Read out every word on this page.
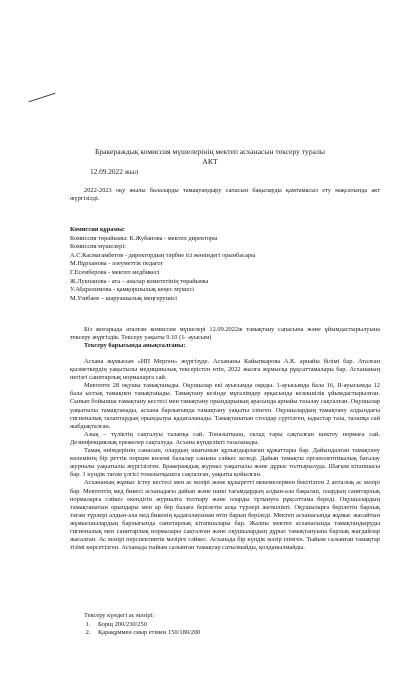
Бракераждық комиссия мүшелерінің мектеп асханасын тексеру туралы
АКТ
12.09.2022 жыл

2022-2023 оқу жылы балаларды тамақтандыру сапасын бақылауды қамтамасыз ету мақсатында акт жүргізілді.

Комиссия құрамы:
Комиссия төрайымы: К.Жубанова - мектеп директоры
Комиссия мүшелері:
А.С.Касмагамбетов - директордың тәрбие ісі жөніндегі орынбасары
М.Нұрханова - әлеуметтік педагог
Г.Есемберова - мектеп медбикесі
Ж.Лукпанова - ата – аналар комитетінің төрайымы
У.Абдрахимова - қамқоршылық кеңес мүшесі
М.Узибаев – шаруашылық меңгерушісі
Біз жоғарыда аталған комиссия мүшелері 12.09.2022ж тамақтану сапасына және ұйымдастырылуына тексеру жүргіздік. Тексеру уақыты 9.10 (1- ауысым)
Тексеру барысында анықталғаны:
Асхана жұмысын «ИП Мерген» жүргізуде. Асхананы Кайыпкарова А.К. арнайы білімі бар. Аталған қызметкердің уақытылы медициналық тексерістен өтіп, 2022 жылға жұмысқа рұқсаттамалары бар. Асхананың негізгі санитарлық нормаларға сай.
Мектепте 28 оқушы тамақтанады. Оқушылар екі ауысымда оқиды. 1-ауысымда бала 16, ІІ-ауысымда 12 бала ыстық тамақпен тамақтанады. Тамақтану кезінде мұғалімдер әрқасында кезекшілік ұйымдастырылған. Сынып бойынша тамақтану кестесі мен тамақтану орындарының арасында арнайы тазалау сақталған. Оқушылар уақытылы тамақтанады, асхана барлығында тамақтану уақыты ілінген. Оқушылардың тамақтану алдындағы гигиеналық талаптардың орындалуы қадағаланады. Тамақтанатын столдар сүртілген, ыдыстар таза, талапқа сай жабдықталған.
Азық – түліктің сақталуы талапқа сай. Тоназытқыш, склад тары сақталған шектеу нормаға сай. Дезинфекциялық ережелер сақталуда. Асхана күнделікті тазаланады.
Тамақ өнімдерінің санасын, олардың шығынын құлыпдырлаған құжаттары бар. Дайындалған тамақтану көлемінің бір реттік порция көлемі балалар санына сәйкес келеді. Дайын тамақты органолептикалық бағалау журналы уақытылы жүргізілген. Бракераждық журнал уақытылы және дұрыс толтырылуда. Шағым кітапшасы бар. 1 күндік тағам үлгісі тоназытқышта сақталған, уақыты қойылған.
Асхананың жұмыс істеу кестесі мен ас мәзірі және құзыретті мекемелермен бекітілген 2 апталық ас мәзірі бар. Мектептің мед бикесі асханадағы дайын және шикі тағамдардың алдын-ала бақылап, олардың санитарлық нормаларға сәйкес екендігін журналға толтыру және оларды тұтынуға рұқсаттама береді. Оқушылардың тамақтанатын орындары мен ар бер балаға берілетін асқа түрлері жеткілікті. Оқушыларға берілетін барлық тағам түрлері алдын-ала мед.бикенің қадағалауынан өтіп барып беріледі. Мектеп асханасында жұмыс жасайтын жұмысшылардың барлығында санитарлық кітапшалары бар. Жалпы мектеп асханасында тамақтандыруды гигиеналық мен санитарлық нормалары сақталған және оқушылардың дұрыс тамақтануына барлық жағдайлар жасалған. Ас мәзірі перспективтік мәзірге сәйкес. Асханада бір күндік мәзір ілінген. Тыйым салынған тамақтар тізімі көрсетілген. Асханада тыйым салынған тамақтар сатылмайды, қолданылмайды.
Тексеру күндегі ас мәзірі:
1. Борщ 200/230/250
2. Қарақұммен сиыр етімен 150/180/200
